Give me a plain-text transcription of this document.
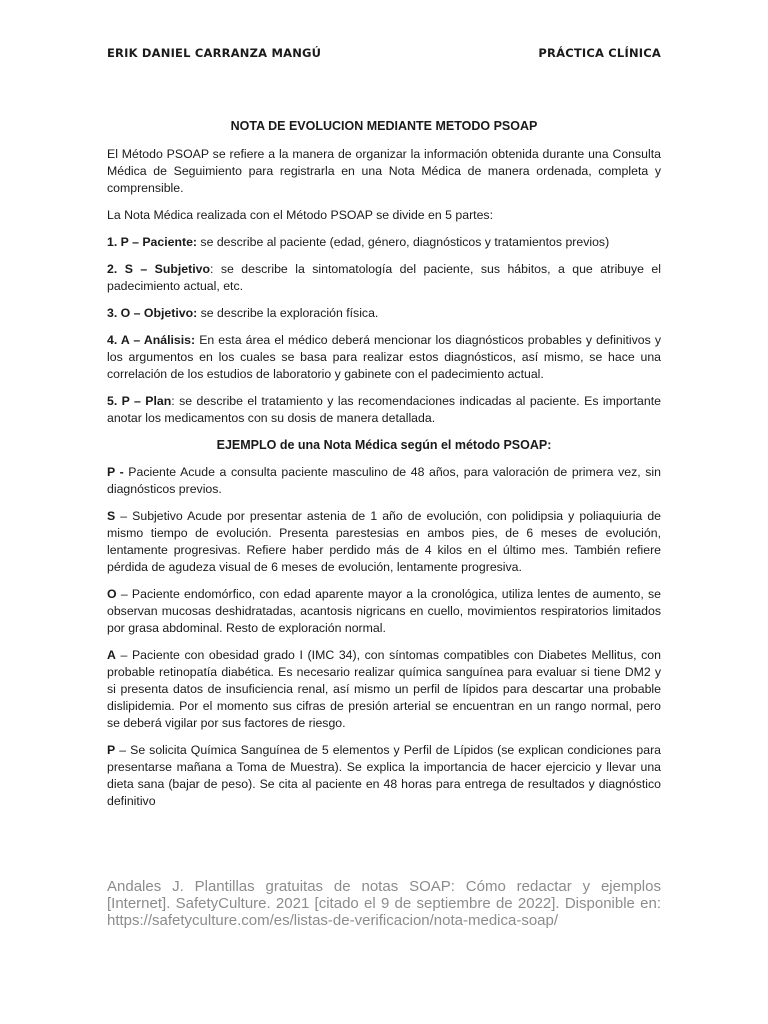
ERIK DANIEL CARRANZA MANGÚ	PRÁCTICA CLÍNICA
NOTA DE EVOLUCION MEDIANTE METODO PSOAP

El Método PSOAP se refiere a la manera de organizar la información obtenida durante una Consulta Médica de Seguimiento para registrarla en una Nota Médica de manera ordenada, completa y comprensible.

La Nota Médica realizada con el Método PSOAP se divide en 5 partes:

1. P – Paciente: se describe al paciente (edad, género, diagnósticos y tratamientos previos)

2. S – Subjetivo: se describe la sintomatología del paciente, sus hábitos, a que atribuye el padecimiento actual, etc.

3. O – Objetivo: se describe la exploración física.

4. A – Análisis: En esta área el médico deberá mencionar los diagnósticos probables y definitivos y los argumentos en los cuales se basa para realizar estos diagnósticos, así mismo, se hace una correlación de los estudios de laboratorio y gabinete con el padecimiento actual.

5. P – Plan: se describe el tratamiento y las recomendaciones indicadas al paciente. Es importante anotar los medicamentos con su dosis de manera detallada.

EJEMPLO de una Nota Médica según el método PSOAP:

P - Paciente Acude a consulta paciente masculino de 48 años, para valoración de primera vez, sin diagnósticos previos.

S – Subjetivo Acude por presentar astenia de 1 año de evolución, con polidipsia y poliaquiuria de mismo tiempo de evolución. Presenta parestesias en ambos pies, de 6 meses de evolución, lentamente progresivas. Refiere haber perdido más de 4 kilos en el último mes. También refiere pérdida de agudeza visual de 6 meses de evolución, lentamente progresiva.

O – Paciente endomórfico, con edad aparente mayor a la cronológica, utiliza lentes de aumento, se observan mucosas deshidratadas, acantosis nigricans en cuello, movimientos respiratorios limitados por grasa abdominal. Resto de exploración normal.

A – Paciente con obesidad grado I (IMC 34), con síntomas compatibles con Diabetes Mellitus, con probable retinopatía diabética. Es necesario realizar química sanguínea para evaluar si tiene DM2 y si presenta datos de insuficiencia renal, así mismo un perfil de lípidos para descartar una probable dislipidemia. Por el momento sus cifras de presión arterial se encuentran en un rango normal, pero se deberá vigilar por sus factores de riesgo.

P – Se solicita Química Sanguínea de 5 elementos y Perfil de Lípidos (se explican condiciones para presentarse mañana a Toma de Muestra). Se explica la importancia de hacer ejercicio y llevar una dieta sana (bajar de peso). Se cita al paciente en 48 horas para entrega de resultados y diagnóstico definitivo

Andales J. Plantillas gratuitas de notas SOAP: Cómo redactar y ejemplos [Internet]. SafetyCulture. 2021 [citado el 9 de septiembre de 2022]. Disponible en: https://safetyculture.com/es/listas-de-verificacion/nota-medica-soap/
